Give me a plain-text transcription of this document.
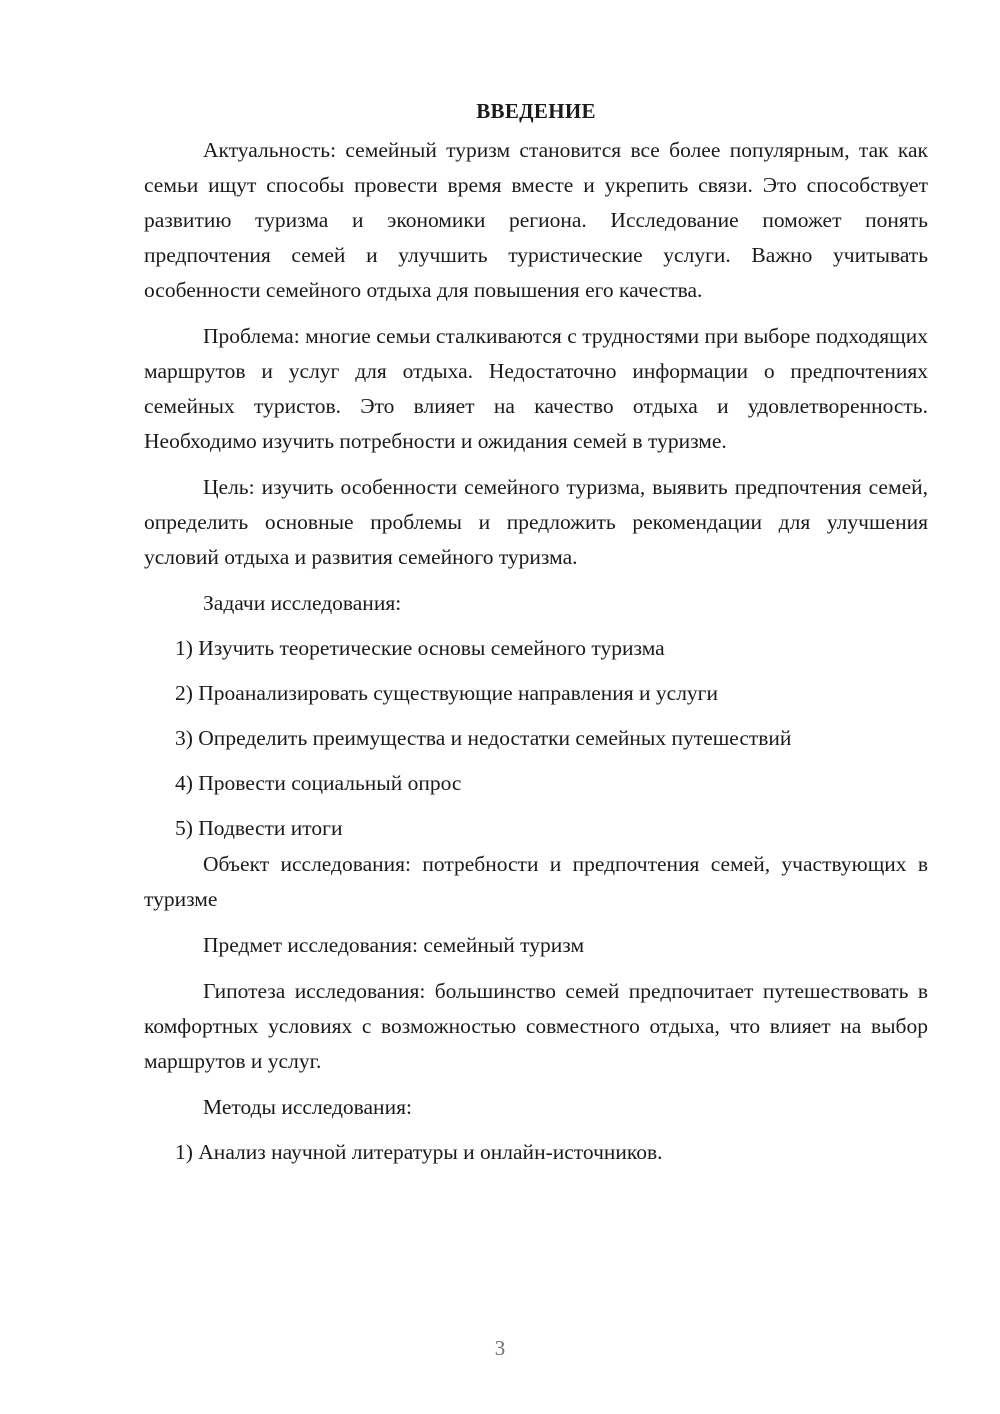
ВВЕДЕНИЕ

Актуальность: семейный туризм становится все более популярным, так как семьи ищут способы провести время вместе и укрепить связи. Это способствует развитию туризма и экономики региона. Исследование поможет понять предпочтения семей и улучшить туристические услуги. Важно учитывать особенности семейного отдыха для повышения его качества.

Проблема: многие семьи сталкиваются с трудностями при выборе подходящих маршрутов и услуг для отдыха. Недостаточно информации о предпочтениях семейных туристов. Это влияет на качество отдыха и удовлетворенность. Необходимо изучить потребности и ожидания семей в туризме.

Цель: изучить особенности семейного туризма, выявить предпочтения семей, определить основные проблемы и предложить рекомендации для улучшения условий отдыха и развития семейного туризма.

Задачи исследования:
1) Изучить теоретические основы семейного туризма
2) Проанализировать существующие направления и услуги
3) Определить преимущества и недостатки семейных путешествий
4) Провести социальный опрос
5) Подвести итоги

Объект исследования: потребности и предпочтения семей, участвующих в туризме

Предмет исследования: семейный туризм

Гипотеза исследования: большинство семей предпочитает путешествовать в комфортных условиях с возможностью совместного отдыха, что влияет на выбор маршрутов и услуг.

Методы исследования:
1) Анализ научной литературы и онлайн-источников.
3
